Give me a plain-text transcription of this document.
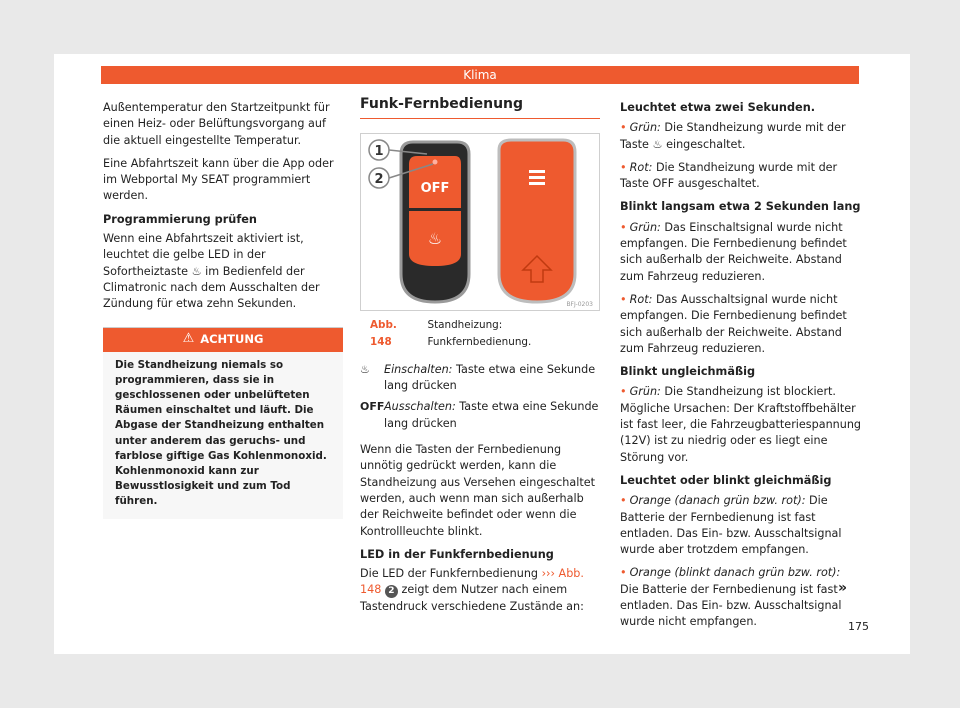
Klima

Außentemperatur den Startzeitpunkt für einen Heiz- oder Belüftungsvorgang auf die aktuell eingestellte Temperatur.

Eine Abfahrtszeit kann über die App oder im Webportal My SEAT programmiert werden.

Programmierung prüfen

Wenn eine Abfahrtszeit aktiviert ist, leuchtet die gelbe LED in der Sofortheiztaste ♨ im Bedienfeld der Climatronic nach dem Ausschalten der Zündung für etwa zehn Sekunden.

⚠ ACHTUNG
Die Standheizung niemals so programmieren, dass sie in geschlossenen oder unbelüfteten Räumen einschaltet und läuft. Die Abgase der Standheizung enthalten unter anderem das geruchs- und farblose giftige Gas Kohlenmonoxid. Kohlenmonoxid kann zur Bewusstlosigkeit und zum Tod führen.
Funk-Fernbedienung
OFF
♨
1
2
BFJ-0203
Abb. 148
Standheizung: Funkfernbedienung.
♨	Einschalten: Taste etwa eine Sekunde lang drücken
OFF Ausschalten: Taste etwa eine Sekunde lang drücken

Wenn die Tasten der Fernbedienung unnötig gedrückt werden, kann die Standheizung aus Versehen eingeschaltet werden, auch wenn man sich außerhalb der Reichweite befindet oder wenn die Kontrollleuchte blinkt.

LED in der Funkfernbedienung

Die LED der Funkfernbedienung ››› Abb. 148 2 zeigt dem Nutzer nach einem Tastendruck verschiedene Zustände an:

Leuchtet etwa zwei Sekunden.

• Grün: Die Standheizung wurde mit der Taste ♨ eingeschaltet.

• Rot: Die Standheizung wurde mit der Taste OFF ausgeschaltet.

Blinkt langsam etwa 2 Sekunden lang

• Grün: Das Einschaltsignal wurde nicht empfangen. Die Fernbedienung befindet sich außerhalb der Reichweite. Abstand zum Fahrzeug reduzieren.

• Rot: Das Ausschaltsignal wurde nicht empfangen. Die Fernbedienung befindet sich außerhalb der Reichweite. Abstand zum Fahrzeug reduzieren.

Blinkt ungleichmäßig

• Grün: Die Standheizung ist blockiert. Mögliche Ursachen: Der Kraftstoffbehälter ist fast leer, die Fahrzeugbatteriespannung (12V) ist zu niedrig oder es liegt eine Störung vor.

Leuchtet oder blinkt gleichmäßig

• Orange (danach grün bzw. rot): Die Batterie der Fernbedienung ist fast entladen. Das Ein- bzw. Ausschaltsignal wurde aber trotzdem empfangen.

• Orange (blinkt danach grün bzw. rot): Die Batterie der Fernbedienung ist fast entladen. Das Ein- bzw. Ausschaltsignal wurde nicht empfangen.

»
175
